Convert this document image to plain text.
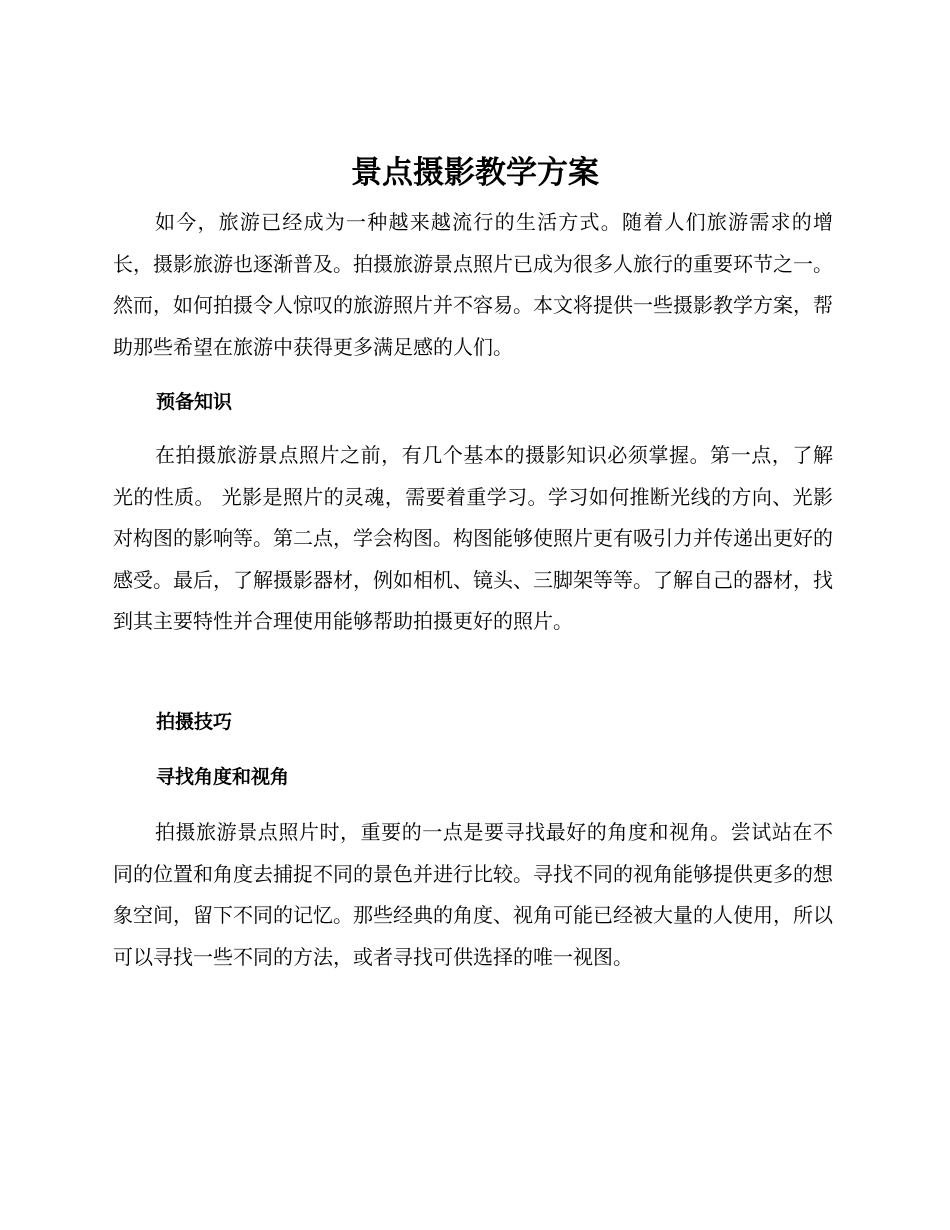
景点摄影教学方案

如今，旅游已经成为一种越来越流行的生活方式。随着人们旅游需求的增长，摄影旅游也逐渐普及。拍摄旅游景点照片已成为很多人旅行的重要环节之一。然而，如何拍摄令人惊叹的旅游照片并不容易。本文将提供一些摄影教学方案，帮助那些希望在旅游中获得更多满足感的人们。

预备知识

在拍摄旅游景点照片之前，有几个基本的摄影知识必须掌握。第一点，了解光的性质。 光影是照片的灵魂，需要着重学习。学习如何推断光线的方向、光影对构图的影响等。第二点，学会构图。构图能够使照片更有吸引力并传递出更好的感受。最后，了解摄影器材，例如相机、镜头、三脚架等等。了解自己的器材，找到其主要特性并合理使用能够帮助拍摄更好的照片。

拍摄技巧
寻找角度和视角

拍摄旅游景点照片时，重要的一点是要寻找最好的角度和视角。尝试站在不同的位置和角度去捕捉不同的景色并进行比较。寻找不同的视角能够提供更多的想象空间，留下不同的记忆。那些经典的角度、视角可能已经被大量的人使用，所以可以寻找一些不同的方法，或者寻找可供选择的唯一视图。
